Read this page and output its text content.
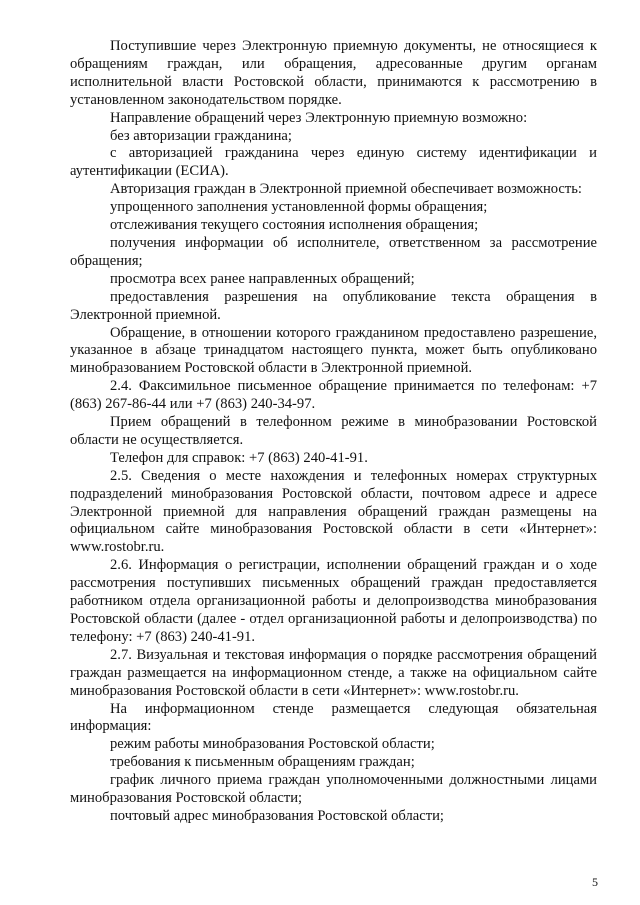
Поступившие через Электронную приемную документы, не относящиеся к обращениям граждан, или обращения, адресованные другим органам исполнительной власти Ростовской области, принимаются к рассмотрению в установленном законодательством порядке.

Направление обращений через Электронную приемную возможно:

без авторизации гражданина;

с авторизацией гражданина через единую систему идентификации и аутентификации (ЕСИА).

Авторизация граждан в Электронной приемной обеспечивает возможность:

упрощенного заполнения установленной формы обращения;

отслеживания текущего состояния исполнения обращения;

получения информации об исполнителе, ответственном за рассмотрение обращения;

просмотра всех ранее направленных обращений;

предоставления разрешения на опубликование текста обращения в Электронной приемной.

Обращение, в отношении которого гражданином предоставлено разрешение, указанное в абзаце тринадцатом настоящего пункта, может быть опубликовано минобразованием Ростовской области в Электронной приемной.

2.4. Факсимильное письменное обращение принимается по телефонам: +7 (863) 267-86-44 или +7 (863) 240-34-97.

Прием обращений в телефонном режиме в минобразовании Ростовской области не осуществляется.

Телефон для справок: +7 (863) 240-41-91.

2.5. Сведения о месте нахождения и телефонных номерах структурных подразделений минобразования Ростовской области, почтовом адресе и адресе Электронной приемной для направления обращений граждан размещены на официальном сайте минобразования Ростовской области в сети «Интернет»: www.rostobr.ru.

2.6. Информация о регистрации, исполнении обращений граждан и о ходе рассмотрения поступивших письменных обращений граждан предоставляется работником отдела организационной работы и делопроизводства минобразования Ростовской области (далее - отдел организационной работы и делопроизводства) по телефону: +7 (863) 240-41-91.

2.7. Визуальная и текстовая информация о порядке рассмотрения обращений граждан размещается на информационном стенде, а также на официальном сайте минобразования Ростовской области в сети «Интернет»: www.rostobr.ru.

На информационном стенде размещается следующая обязательная информация:

режим работы минобразования Ростовской области;

требования к письменным обращениям граждан;

график личного приема граждан уполномоченными должностными лицами минобразования Ростовской области;

почтовый адрес минобразования Ростовской области;

5
